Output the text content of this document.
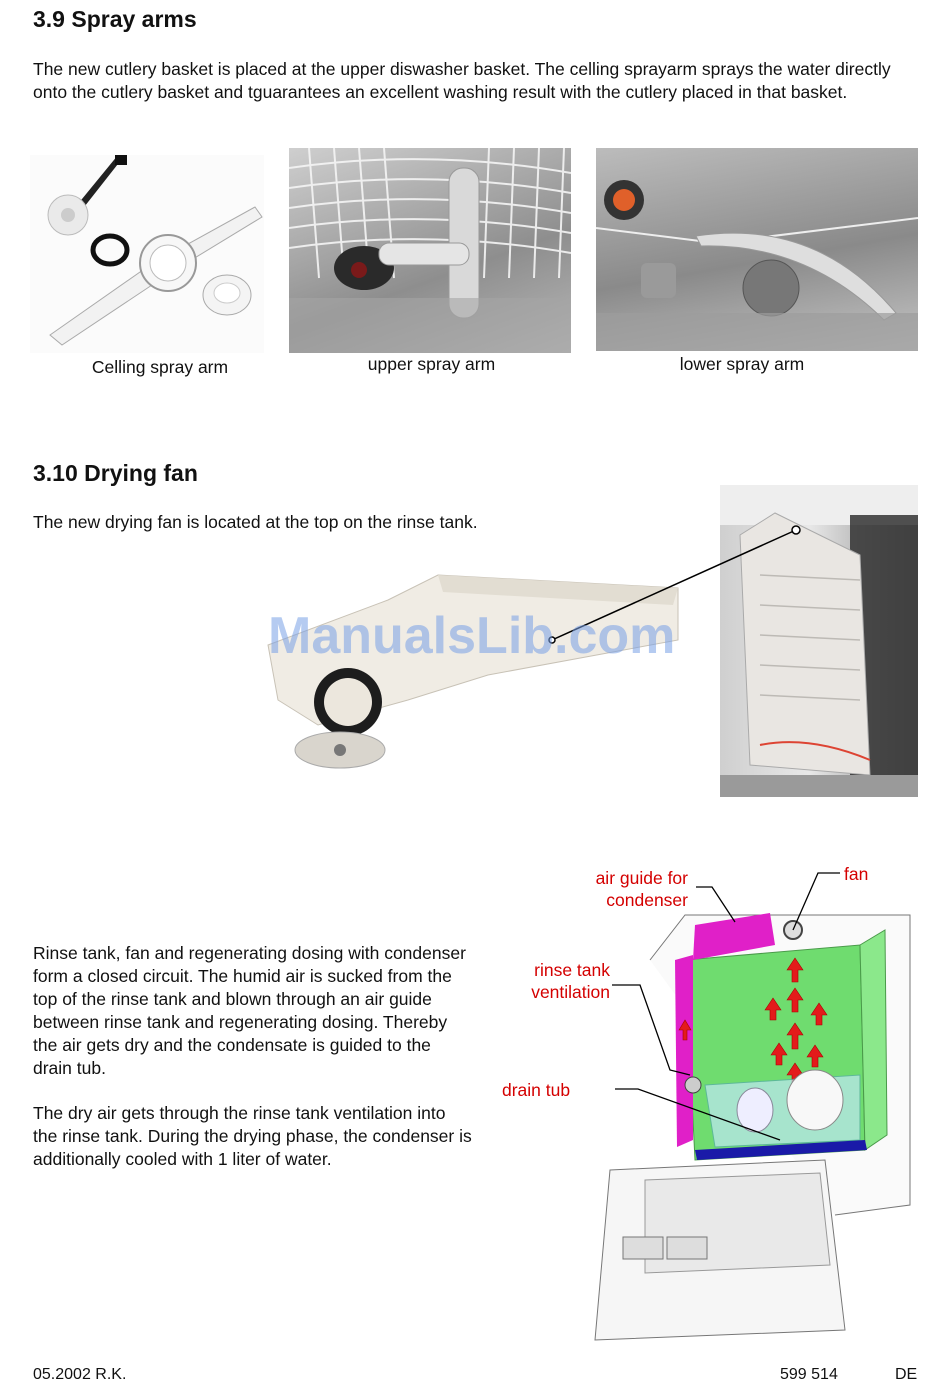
3.9 Spray arms

The new cutlery basket is placed at the upper diswasher basket. The celling sprayarm sprays the water directly onto the cutlery basket and tguarantees an excellent washing result with the cutlery placed in that basket.

Celling spray arm	upper spray arm	lower spray arm
3.10 Drying fan

The new drying fan is located at the top on the rinse tank.

ManualsLib.com

Rinse tank, fan and regenerating dosing with condenser form a closed circuit. The humid air is sucked from the top of the rinse tank and blown through an air guide between rinse tank and regenerating dosing. Thereby the air gets dry and the condensate is guided to the drain tub.

The dry air gets through the rinse tank ventilation into the rinse tank. During the drying phase, the condenser is additionally cooled with 1 liter of water.

air guide for
condenser
fan
rinse tank
ventilation
drain tub
05.2002 R.K.	599 514	DE
